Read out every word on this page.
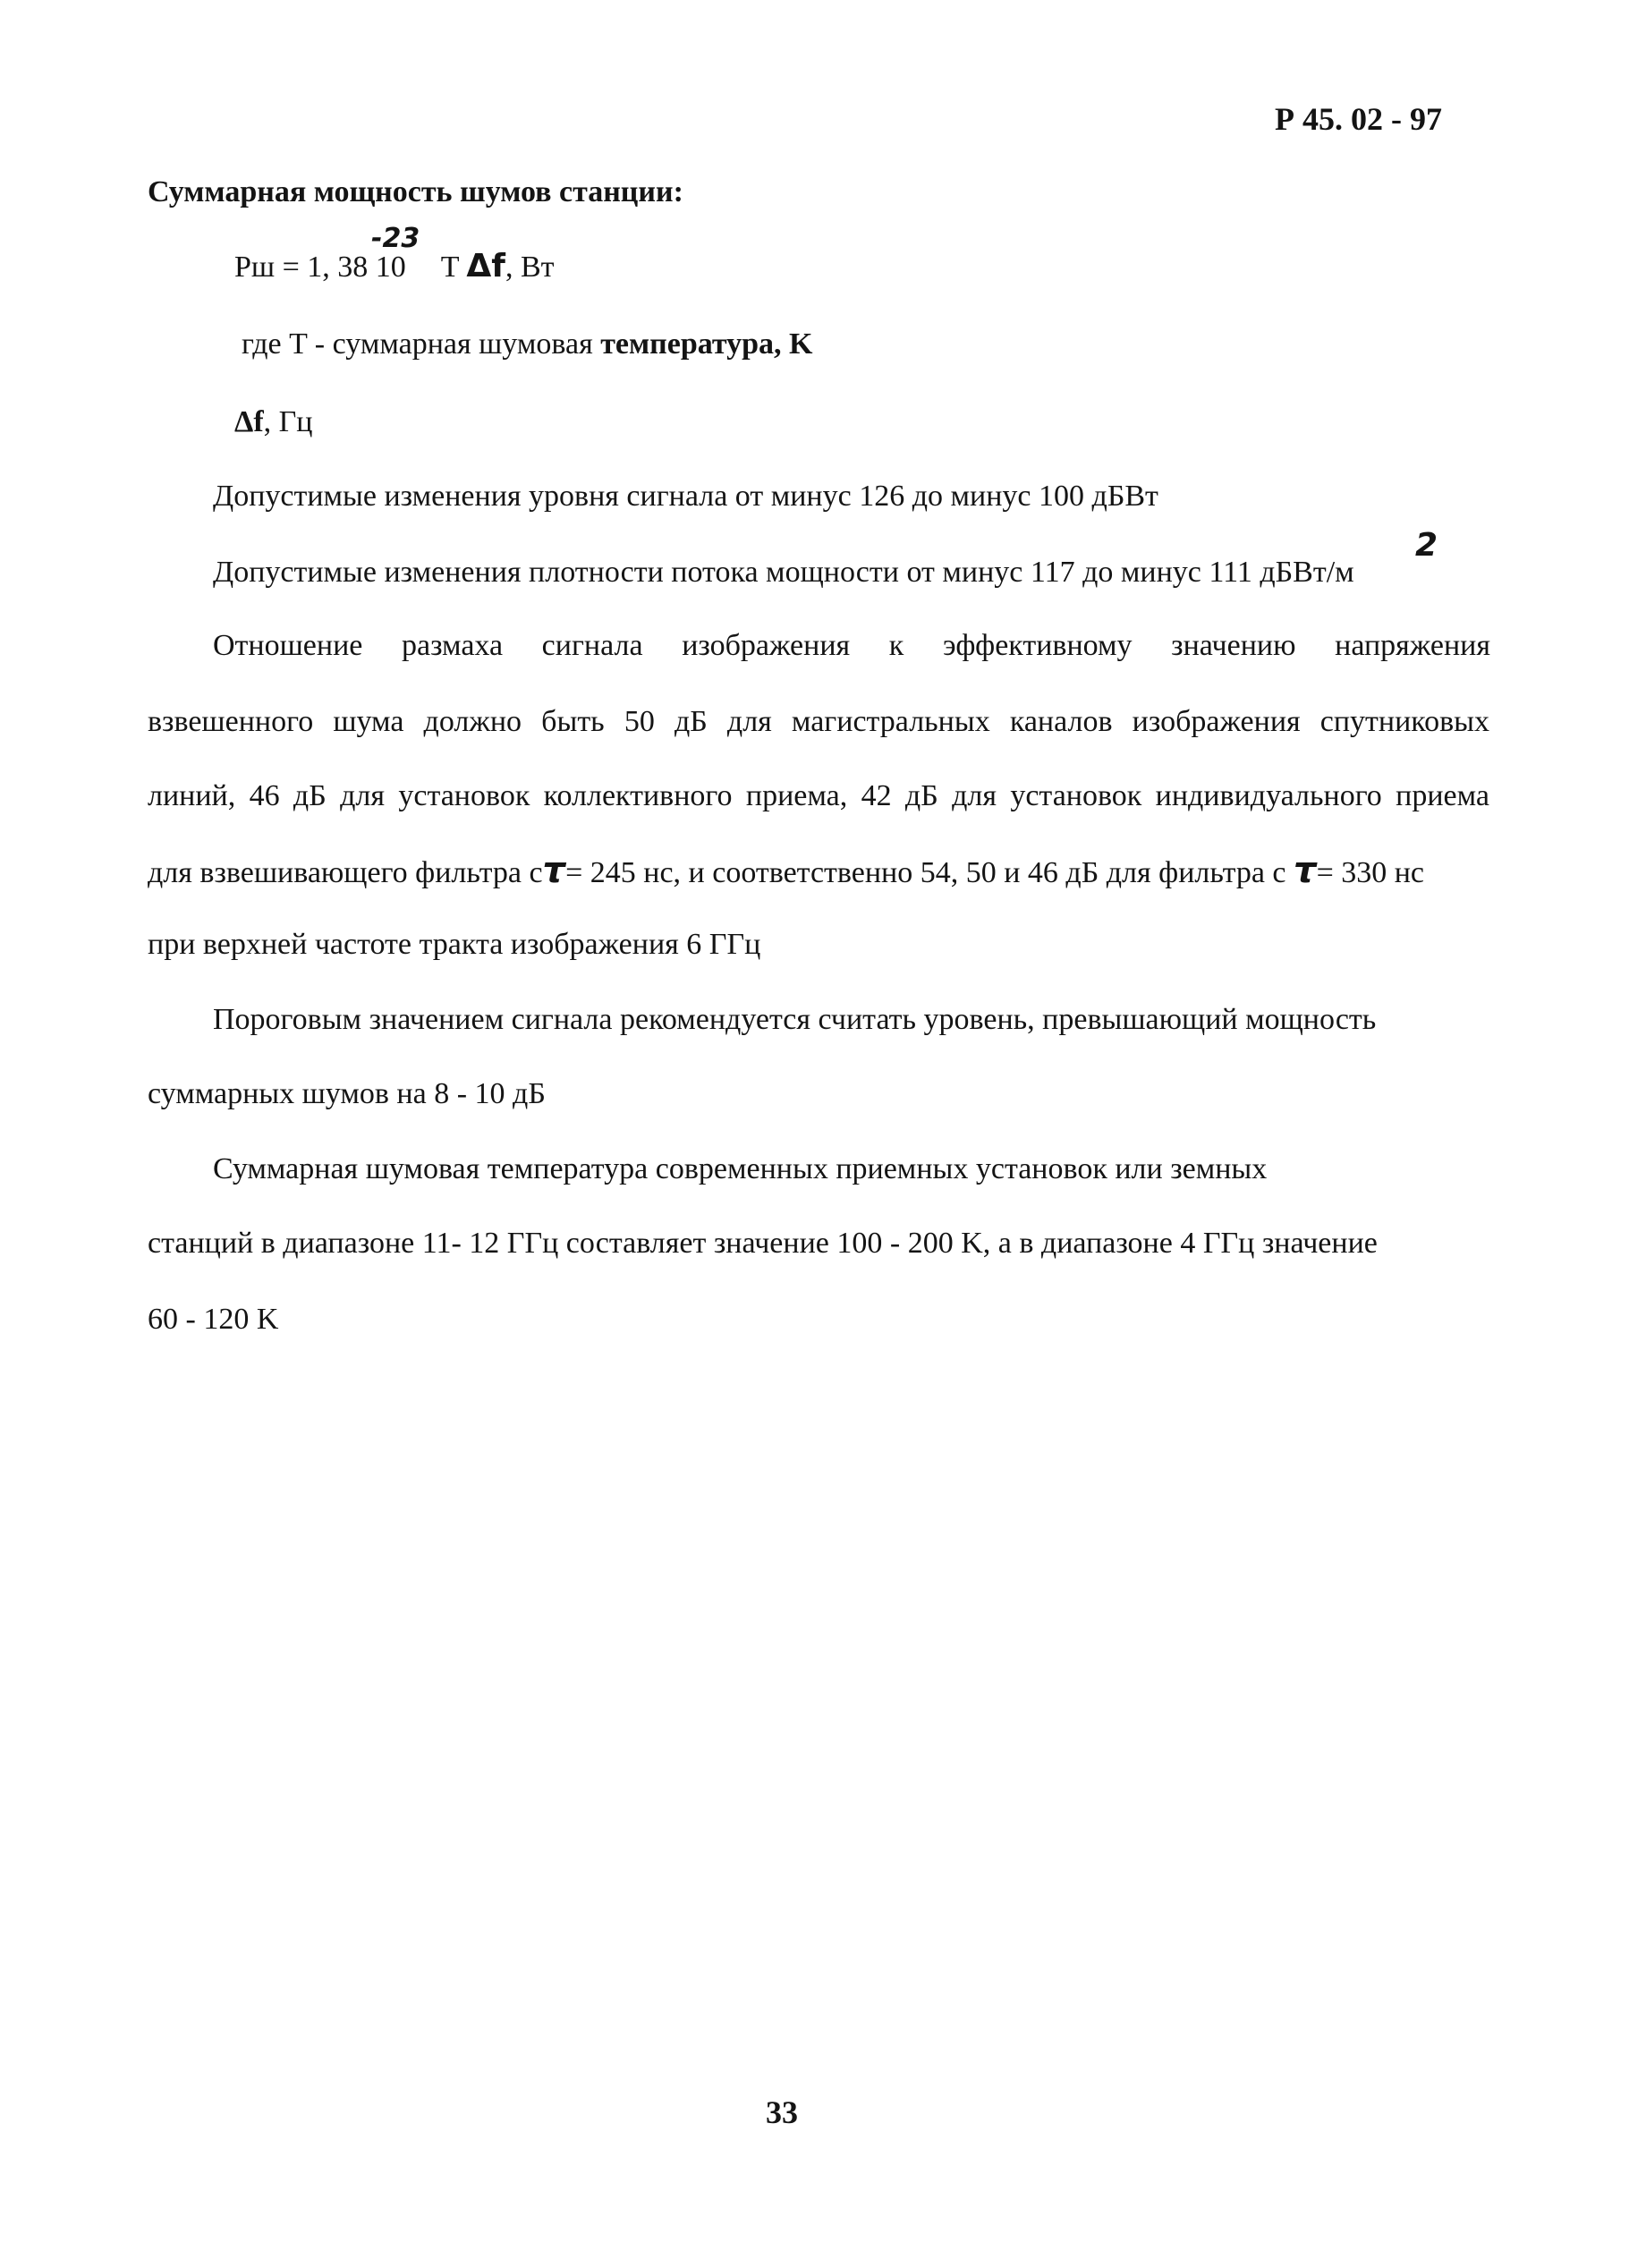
Р 45. 02 - 97
Суммарная мощность шумов станции:
-23
Pш = 1, 38 10 T Δf, Вт
где T - суммарная шумовая температура, K
Δf, Гц
Допустимые изменения уровня сигнала от минус 126 до минус 100 дБВт
Допустимые изменения плотности потока мощности от минус 117 до минус 111 дБВт/м
2
Отношение размаха сигнала изображения к эффективному значению напряжения
взвешенного шума должно быть 50 дБ для магистральных каналов изображения спутниковых
линий, 46 дБ для установок коллективного приема, 42 дБ для установок индивидуального приема
для взвешивающего фильтра сτ= 245 нс, и соответственно 54, 50 и 46 дБ для фильтра с τ= 330 нс
при верхней частоте тракта изображения 6 ГГц
Пороговым значением сигнала рекомендуется считать уровень, превышающий мощность
суммарных шумов на 8 - 10 дБ
Суммарная шумовая температура современных приемных установок или земных
станций в диапазоне 11- 12 ГГц составляет значение 100 - 200 K, а в диапазоне 4 ГГц значение
60 - 120 K
33
